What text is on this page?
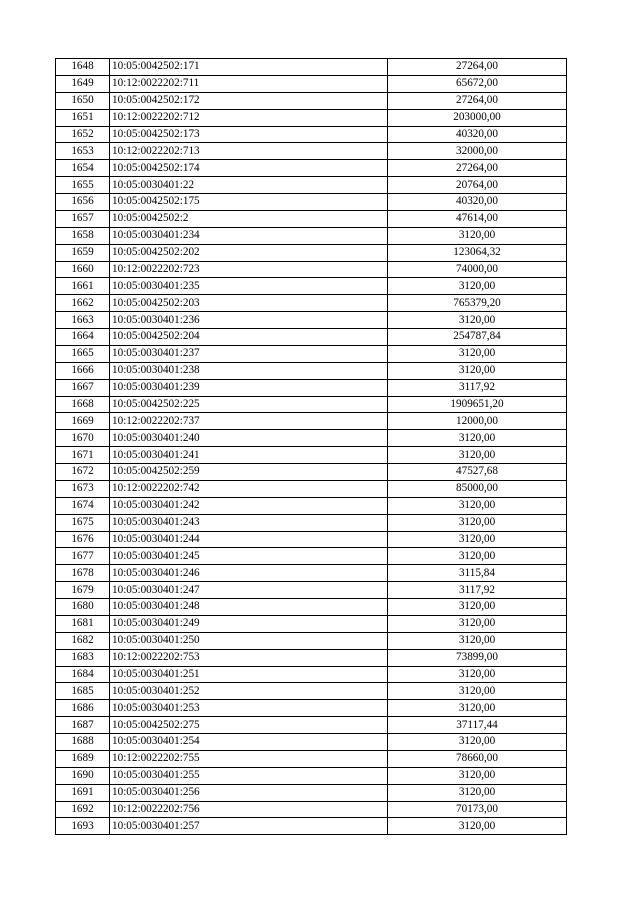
1648	10:05:0042502:171	27264,00
1649	10:12:0022202:711	65672,00
1650	10:05:0042502:172	27264,00
1651	10:12:0022202:712	203000,00
1652	10:05:0042502:173	40320,00
1653	10:12:0022202:713	32000,00
1654	10:05:0042502:174	27264,00
1655	10:05:0030401:22	20764,00
1656	10:05:0042502:175	40320,00
1657	10:05:0042502:2	47614,00
1658	10:05:0030401:234	3120,00
1659	10:05:0042502:202	123064,32
1660	10:12:0022202:723	74000,00
1661	10:05:0030401:235	3120,00
1662	10:05:0042502:203	765379,20
1663	10:05:0030401:236	3120,00
1664	10:05:0042502:204	254787,84
1665	10:05:0030401:237	3120,00
1666	10:05:0030401:238	3120,00
1667	10:05:0030401:239	3117,92
1668	10:05:0042502:225	1909651,20
1669	10:12:0022202:737	12000,00
1670	10:05:0030401:240	3120,00
1671	10:05:0030401:241	3120,00
1672	10:05:0042502:259	47527,68
1673	10:12:0022202:742	85000,00
1674	10:05:0030401:242	3120,00
1675	10:05:0030401:243	3120,00
1676	10:05:0030401:244	3120,00
1677	10:05:0030401:245	3120,00
1678	10:05:0030401:246	3115,84
1679	10:05:0030401:247	3117,92
1680	10:05:0030401:248	3120,00
1681	10:05:0030401:249	3120,00
1682	10:05:0030401:250	3120,00
1683	10:12:0022202:753	73899,00
1684	10:05:0030401:251	3120,00
1685	10:05:0030401:252	3120,00
1686	10:05:0030401:253	3120,00
1687	10:05:0042502:275	37117,44
1688	10:05:0030401:254	3120,00
1689	10:12:0022202:755	78660,00
1690	10:05:0030401:255	3120,00
1691	10:05:0030401:256	3120,00
1692	10:12:0022202:756	70173,00
1693	10:05:0030401:257	3120,00
